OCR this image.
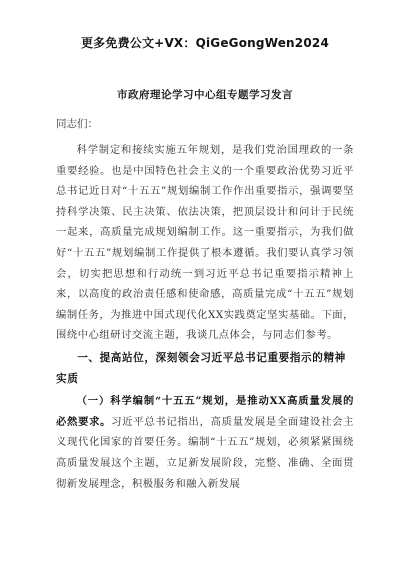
更多免费公文+VX：QiGeGongWen2024
市政府理论学习中心组专题学习发言
同志们：

科学制定和接续实施五年规划，是我们党治国理政的一条重要经验。也是中国特色社会主义的一个重要政治优势习近平总书记近日对“十五五”规划编制工作作出重要指示，强调要坚持科学决策、民主决策、依法决策，把顶层设计和问计于民统一起来，高质量完成规划编制工作。这一重要指示，为我们做好“十五五”规划编制工作提供了根本遵循。我们要认真学习领会，切实把思想和行动统一到习近平总书记重要指示精神上来，以高度的政治责任感和使命感，高质量完成“十五五”规划编制任务，为推进中国式现代化XX实践奠定坚实基础。下面，围绕中心组研讨交流主题，我谈几点体会，与同志们参考。

一、提高站位，深刻领会习近平总书记重要指示的精神实质

（一）科学编制“十五五”规划，是推动XX高质量发展的必然要求。习近平总书记指出，高质量发展是全面建设社会主义现代化国家的首要任务。编制“十五五”规划，必须紧紧围绕高质量发展这个主题，立足新发展阶段，完整、准确、全面贯彻新发展理念，积极服务和融入新发展
